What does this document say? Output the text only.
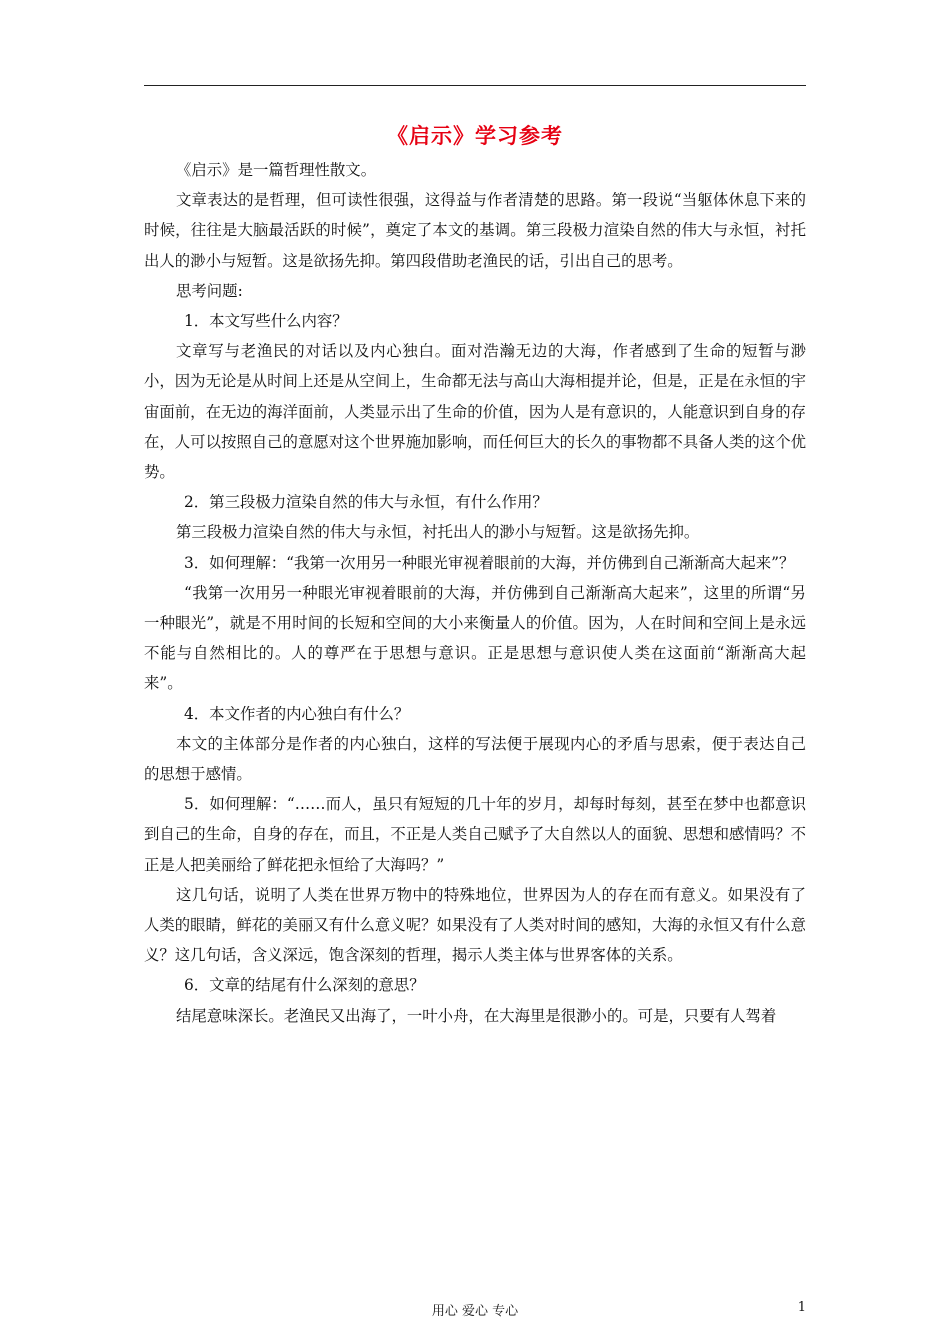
《启示》学习参考

《启示》是一篇哲理性散文。

文章表达的是哲理，但可读性很强，这得益与作者清楚的思路。第一段说“当躯体休息下来的时候，往往是大脑最活跃的时候”，奠定了本文的基调。第三段极力渲染自然的伟大与永恒，衬托出人的渺小与短暂。这是欲扬先抑。第四段借助老渔民的话，引出自己的思考。

思考问题:

1．本文写些什么内容？

文章写与老渔民的对话以及内心独白。面对浩瀚无边的大海，作者感到了生命的短暂与渺小，因为无论是从时间上还是从空间上，生命都无法与高山大海相提并论，但是，正是在永恒的宇宙面前，在无边的海洋面前，人类显示出了生命的价值，因为人是有意识的，人能意识到自身的存在，人可以按照自己的意愿对这个世界施加影响，而任何巨大的长久的事物都不具备人类的这个优势。

2．第三段极力渲染自然的伟大与永恒，有什么作用？

第三段极力渲染自然的伟大与永恒，衬托出人的渺小与短暂。这是欲扬先抑。

3．如何理解：“我第一次用另一种眼光审视着眼前的大海，并仿佛到自己渐渐高大起来”？

“我第一次用另一种眼光审视着眼前的大海，并仿佛到自己渐渐高大起来”，这里的所谓“另一种眼光”，就是不用时间的长短和空间的大小来衡量人的价值。因为，人在时间和空间上是永远不能与自然相比的。人的尊严在于思想与意识。正是思想与意识使人类在这面前“渐渐高大起来”。

4．本文作者的内心独白有什么？

本文的主体部分是作者的内心独白，这样的写法便于展现内心的矛盾与思索，便于表达自己的思想于感情。

5．如何理解：“……而人，虽只有短短的几十年的岁月，却每时每刻，甚至在梦中也都意识到自己的生命，自身的存在，而且，不正是人类自己赋予了大自然以人的面貌、思想和感情吗？不正是人把美丽给了鲜花把永恒给了大海吗？”

这几句话，说明了人类在世界万物中的特殊地位，世界因为人的存在而有意义。如果没有了人类的眼睛，鲜花的美丽又有什么意义呢？如果没有了人类对时间的感知，大海的永恒又有什么意义？这几句话，含义深远，饱含深刻的哲理，揭示人类主体与世界客体的关系。

6．文章的结尾有什么深刻的意思？

结尾意味深长。老渔民又出海了，一叶小舟，在大海里是很渺小的。可是，只要有人驾着

用心 爱心 专心	1
